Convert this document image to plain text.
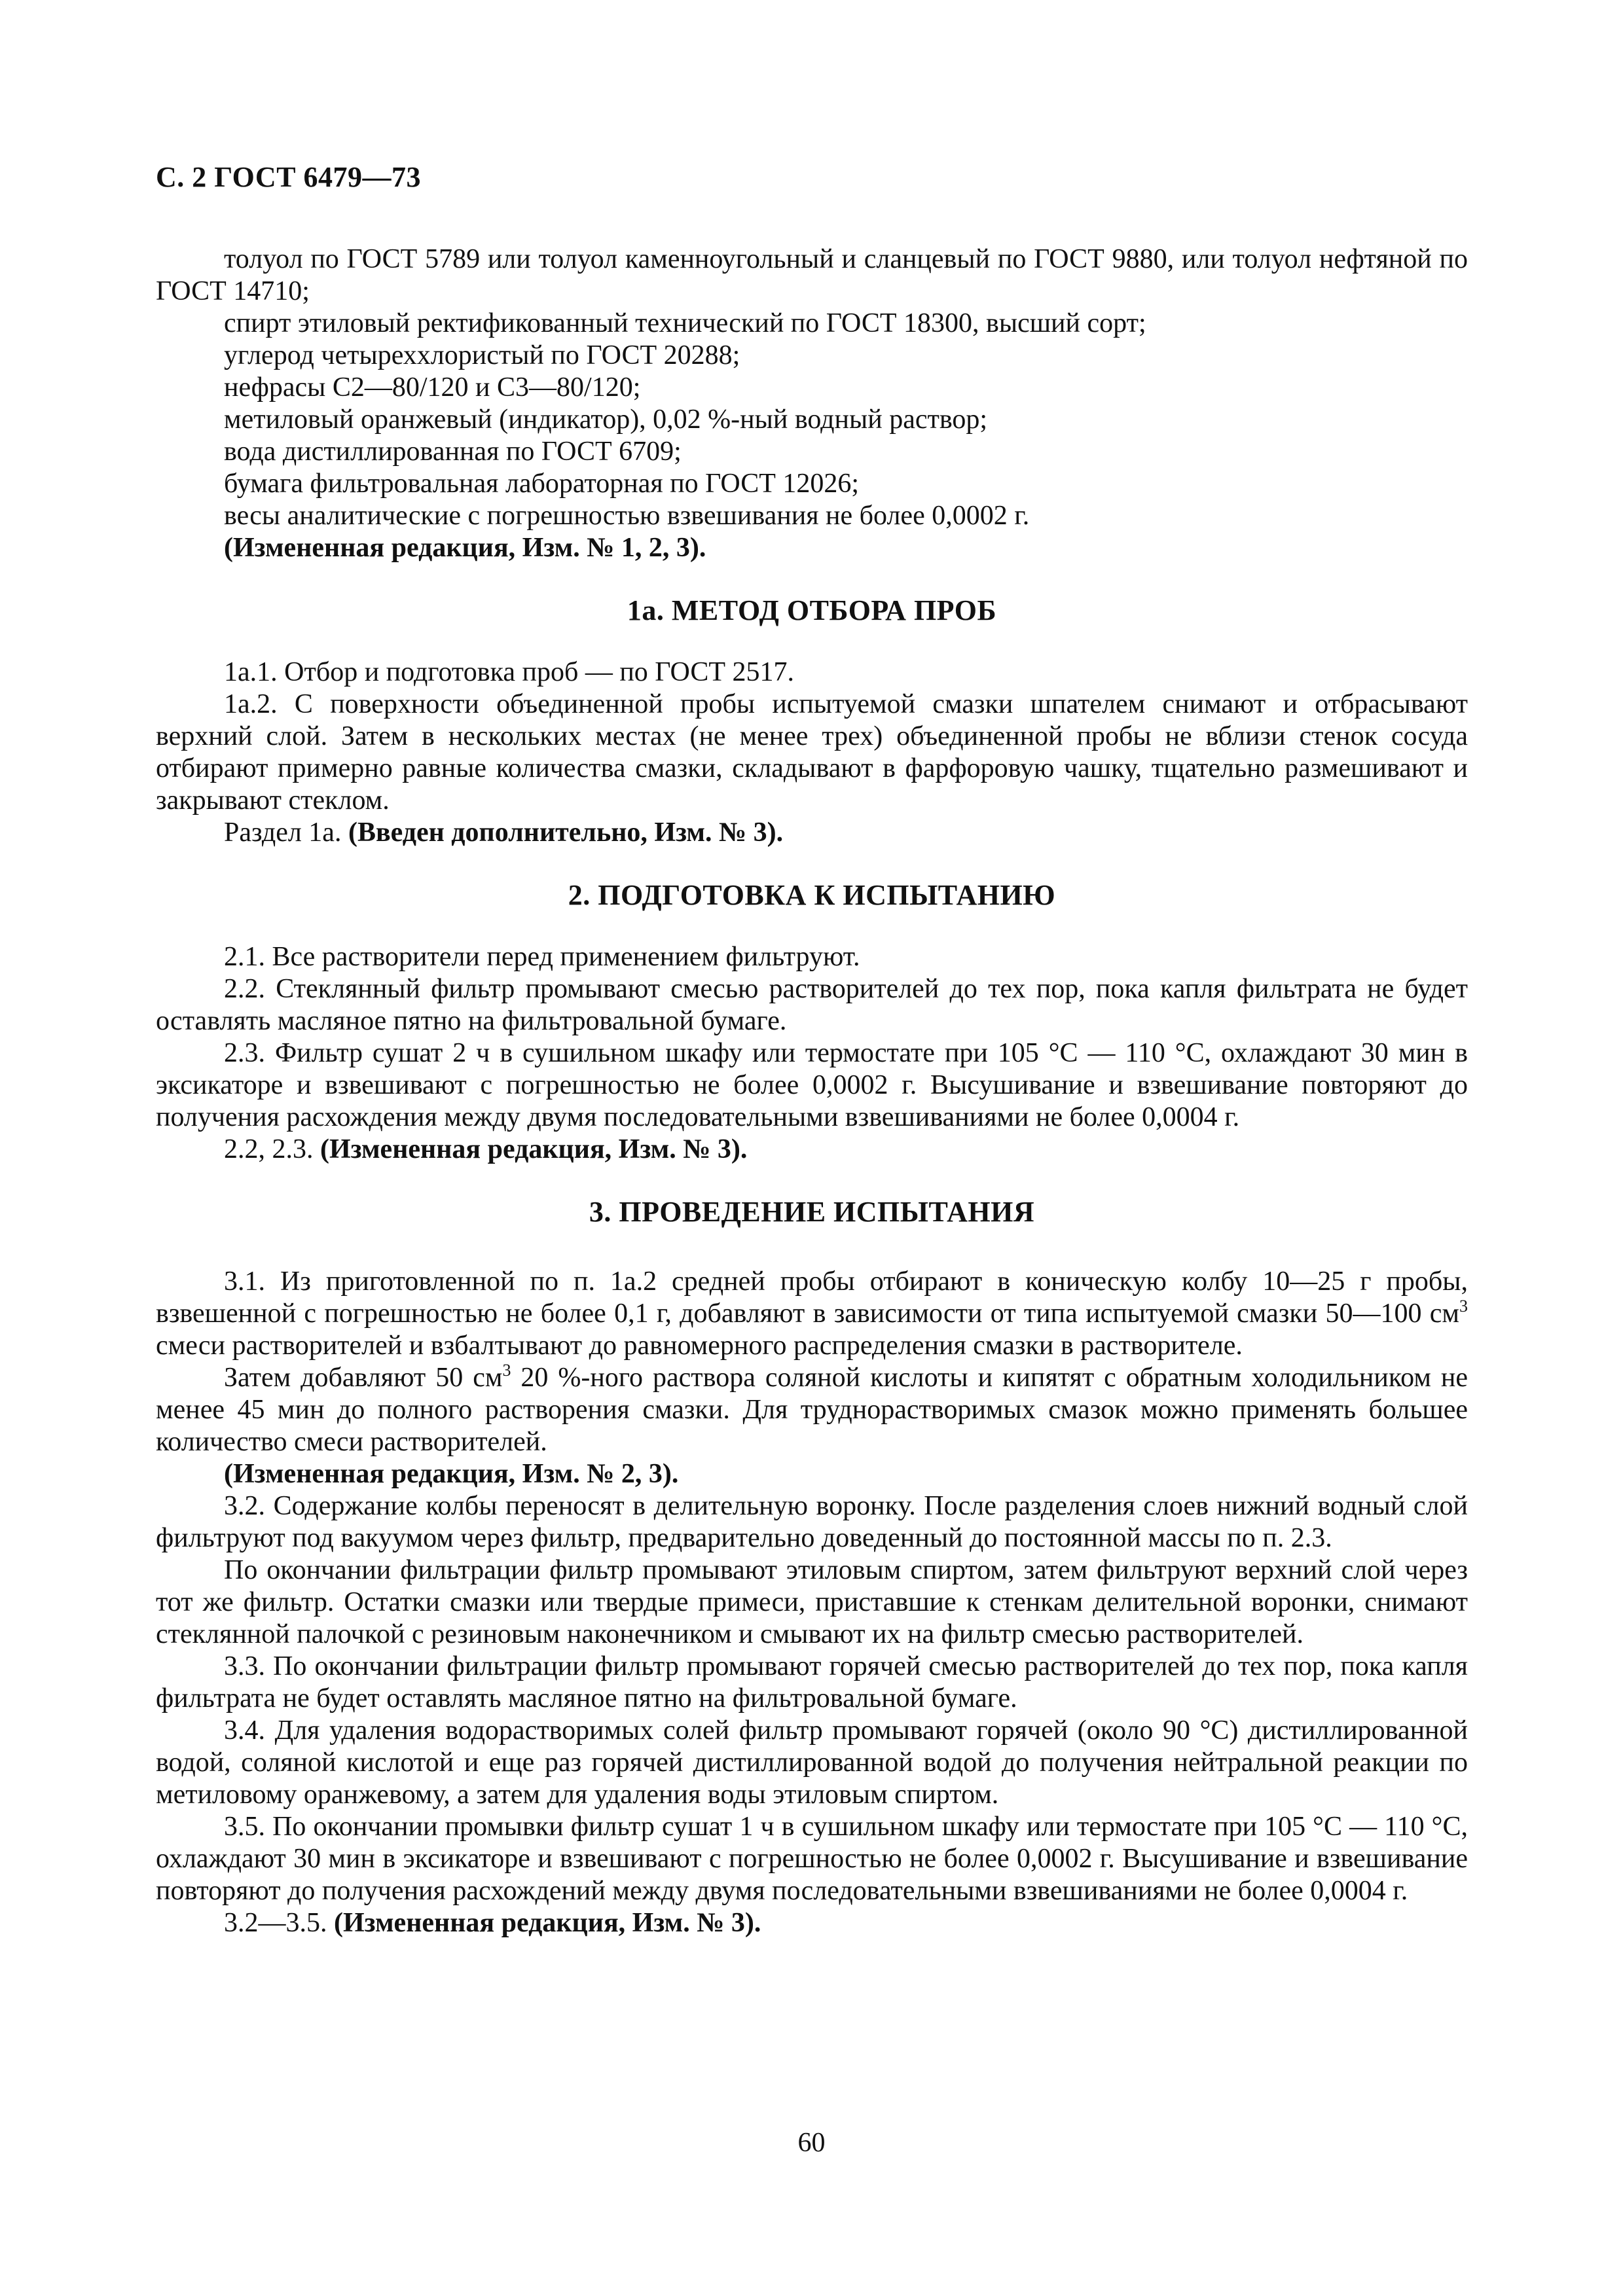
С. 2 ГОСТ 6479—73

толуол по ГОСТ 5789 или толуол каменноугольный и сланцевый по ГОСТ 9880, или толуол нефтяной по ГОСТ 14710;

спирт этиловый ректификованный технический по ГОСТ 18300, высший сорт;

углерод четыреххлористый по ГОСТ 20288;

нефрасы С2—80/120 и С3—80/120;

метиловый оранжевый (индикатор), 0,02 %-ный водный раствор;

вода дистиллированная по ГОСТ 6709;

бумага фильтровальная лабораторная по ГОСТ 12026;

весы аналитические с погрешностью взвешивания не более 0,0002 г.

(Измененная редакция, Изм. № 1, 2, 3).

1а. МЕТОД ОТБОРА ПРОБ

1а.1. Отбор и подготовка проб — по ГОСТ 2517.

1а.2. С поверхности объединенной пробы испытуемой смазки шпателем снимают и отбрасывают верхний слой. Затем в нескольких местах (не менее трех) объединенной пробы не вблизи стенок сосуда отбирают примерно равные количества смазки, складывают в фарфоровую чашку, тщательно размешивают и закрывают стеклом.

Раздел 1а. (Введен дополнительно, Изм. № 3).

2. ПОДГОТОВКА К ИСПЫТАНИЮ

2.1. Все растворители перед применением фильтруют.

2.2. Стеклянный фильтр промывают смесью растворителей до тех пор, пока капля фильтрата не будет оставлять масляное пятно на фильтровальной бумаге.

2.3. Фильтр сушат 2 ч в сушильном шкафу или термостате при 105 °С — 110 °С, охлаждают 30 мин в эксикаторе и взвешивают с погрешностью не более 0,0002 г. Высушивание и взвешивание повторяют до получения расхождения между двумя последовательными взвешиваниями не более 0,0004 г.

2.2, 2.3. (Измененная редакция, Изм. № 3).

3. ПРОВЕДЕНИЕ ИСПЫТАНИЯ

3.1. Из приготовленной по п. 1а.2 средней пробы отбирают в коническую колбу 10—25 г пробы, взвешенной с погрешностью не более 0,1 г, добавляют в зависимости от типа испытуемой смазки 50—100 $см^3$ смеси растворителей и взбалтывают до равномерного распределения смазки в растворителе.

Затем добавляют 50 $см^3$ 20 %-ного раствора соляной кислоты и кипятят с обратным холодильником не менее 45 мин до полного растворения смазки. Для труднорастворимых смазок можно применять большее количество смеси растворителей.

(Измененная редакция, Изм. № 2, 3).

3.2. Содержание колбы переносят в делительную воронку. После разделения слоев нижний водный слой фильтруют под вакуумом через фильтр, предварительно доведенный до постоянной массы по п. 2.3.

По окончании фильтрации фильтр промывают этиловым спиртом, затем фильтруют верхний слой через тот же фильтр. Остатки смазки или твердые примеси, приставшие к стенкам делительной воронки, снимают стеклянной палочкой с резиновым наконечником и смывают их на фильтр смесью растворителей.

3.3. По окончании фильтрации фильтр промывают горячей смесью растворителей до тех пор, пока капля фильтрата не будет оставлять масляное пятно на фильтровальной бумаге.

3.4. Для удаления водорастворимых солей фильтр промывают горячей (около 90 °С) дистиллированной водой, соляной кислотой и еще раз горячей дистиллированной водой до получения нейтральной реакции по метиловому оранжевому, а затем для удаления воды этиловым спиртом.

3.5. По окончании промывки фильтр сушат 1 ч в сушильном шкафу или термостате при 105 °С — 110 °С, охлаждают 30 мин в эксикаторе и взвешивают с погрешностью не более 0,0002 г. Высушивание и взвешивание повторяют до получения расхождений между двумя последовательными взвешиваниями не более 0,0004 г.

3.2—3.5. (Измененная редакция, Изм. № 3).

60
